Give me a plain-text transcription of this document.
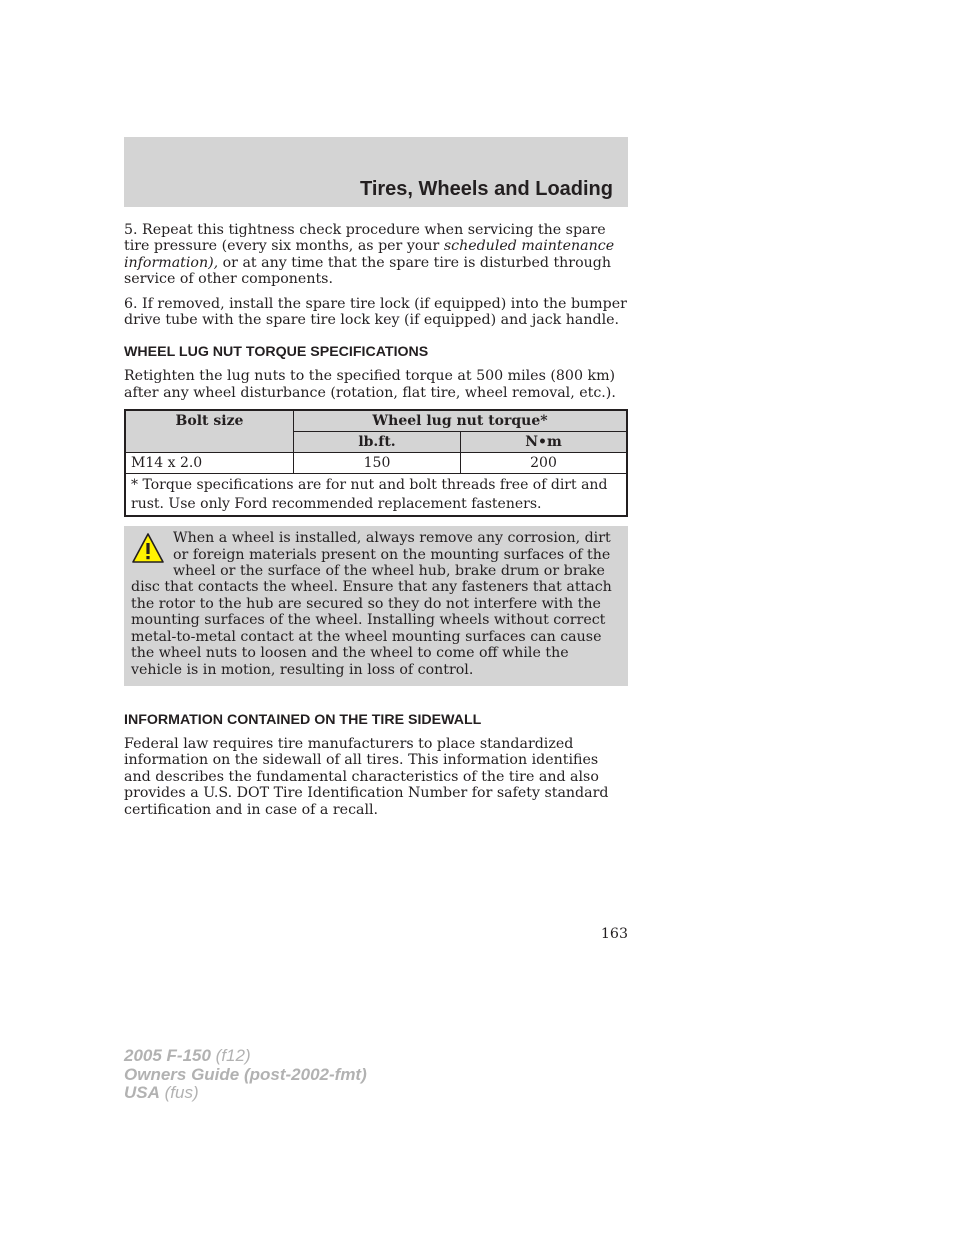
Tires, Wheels and Loading

5. Repeat this tightness check procedure when servicing the spare tire pressure (every six months, as per your scheduled maintenance information), or at any time that the spare tire is disturbed through service of other components.

6. If removed, install the spare tire lock (if equipped) into the bumper drive tube with the spare tire lock key (if equipped) and jack handle.

WHEEL LUG NUT TORQUE SPECIFICATIONS

Retighten the lug nuts to the specified torque at 500 miles (800 km) after any wheel disturbance (rotation, flat tire, wheel removal, etc.).

Bolt size	Wheel lug nut torque*	
	lb.ft.	N•m
M14 x 2.0	150	200
* Torque specifications are for nut and bolt threads free of dirt and rust. Use only Ford recommended replacement fasteners.		
When a wheel is installed, always remove any corrosion, dirt or foreign materials present on the mounting surfaces of the wheel or the surface of the wheel hub, brake drum or brake disc that contacts the wheel. Ensure that any fasteners that attach the rotor to the hub are secured so they do not interfere with the mounting surfaces of the wheel. Installing wheels without correct metal-to-metal contact at the wheel mounting surfaces can cause the wheel nuts to loosen and the wheel to come off while the vehicle is in motion, resulting in loss of control.
INFORMATION CONTAINED ON THE TIRE SIDEWALL

Federal law requires tire manufacturers to place standardized information on the sidewall of all tires. This information identifies and describes the fundamental characteristics of the tire and also provides a U.S. DOT Tire Identification Number for safety standard certification and in case of a recall.

163
2005 F-150 (f12)
Owners Guide (post-2002-fmt)
USA (fus)
